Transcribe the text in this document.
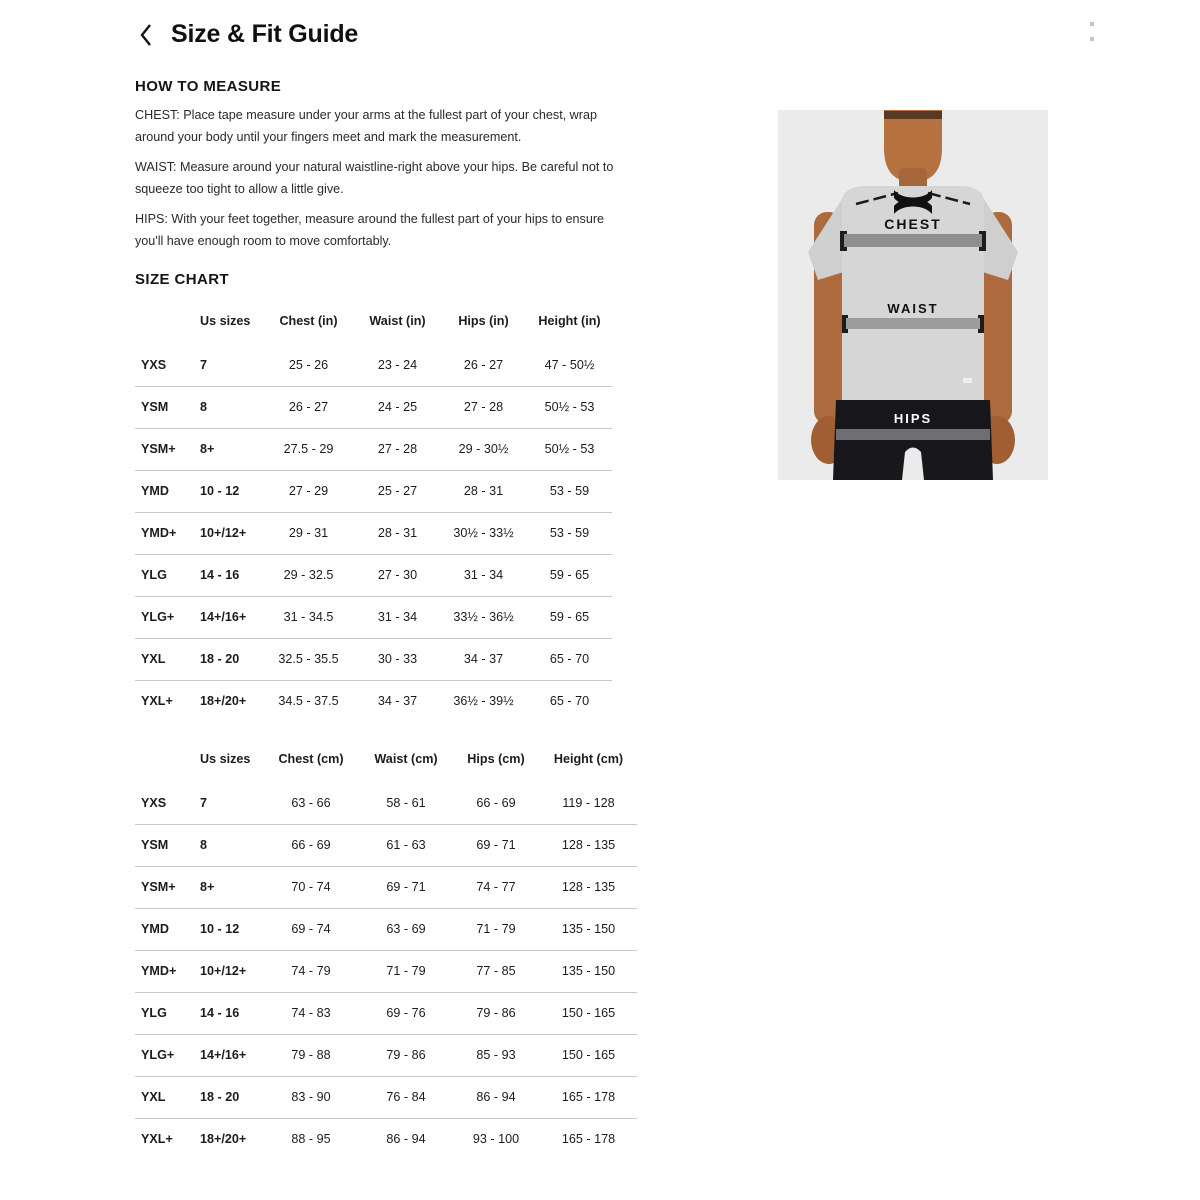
Size & Fit Guide
HOW TO MEASURE

CHEST: Place tape measure under your arms at the fullest part of your chest, wrap around your body until your fingers meet and mark the measurement.

WAIST: Measure around your natural waistline-right above your hips. Be careful not to squeeze too tight to allow a little give.

HIPS: With your feet together, measure around the fullest part of your hips to ensure you'll have enough room to move comfortably.

SIZE CHART
	Us sizes	Chest (in)	Waist (in)	Hips (in)	Height (in)
YXS	7	25 - 26	23 - 24	26 - 27	47 - 50½
YSM	8	26 - 27	24 - 25	27 - 28	50½ - 53
YSM+	8+	27.5 - 29	27 - 28	29 - 30½	50½ - 53
YMD	10 - 12	27 - 29	25 - 27	28 - 31	53 - 59
YMD+	10+/12+	29 - 31	28 - 31	30½ - 33½	53 - 59
YLG	14 - 16	29 - 32.5	27 - 30	31 - 34	59 - 65
YLG+	14+/16+	31 - 34.5	31 - 34	33½ - 36½	59 - 65
YXL	18 - 20	32.5 - 35.5	30 - 33	34 - 37	65 - 70
YXL+	18+/20+	34.5 - 37.5	34 - 37	36½ - 39½	65 - 70
	Us sizes	Chest (cm)	Waist (cm)	Hips (cm)	Height (cm)
YXS	7	63 - 66	58 - 61	66 - 69	119 - 128
YSM	8	66 - 69	61 - 63	69 - 71	128 - 135
YSM+	8+	70 - 74	69 - 71	74 - 77	128 - 135
YMD	10 - 12	69 - 74	63 - 69	71 - 79	135 - 150
YMD+	10+/12+	74 - 79	71 - 79	77 - 85	135 - 150
YLG	14 - 16	74 - 83	69 - 76	79 - 86	150 - 165
YLG+	14+/16+	79 - 88	79 - 86	85 - 93	150 - 165
YXL	18 - 20	83 - 90	76 - 84	86 - 94	165 - 178
YXL+	18+/20+	88 - 95	86 - 94	93 - 100	165 - 178
CHEST
WAIST
HIPS
